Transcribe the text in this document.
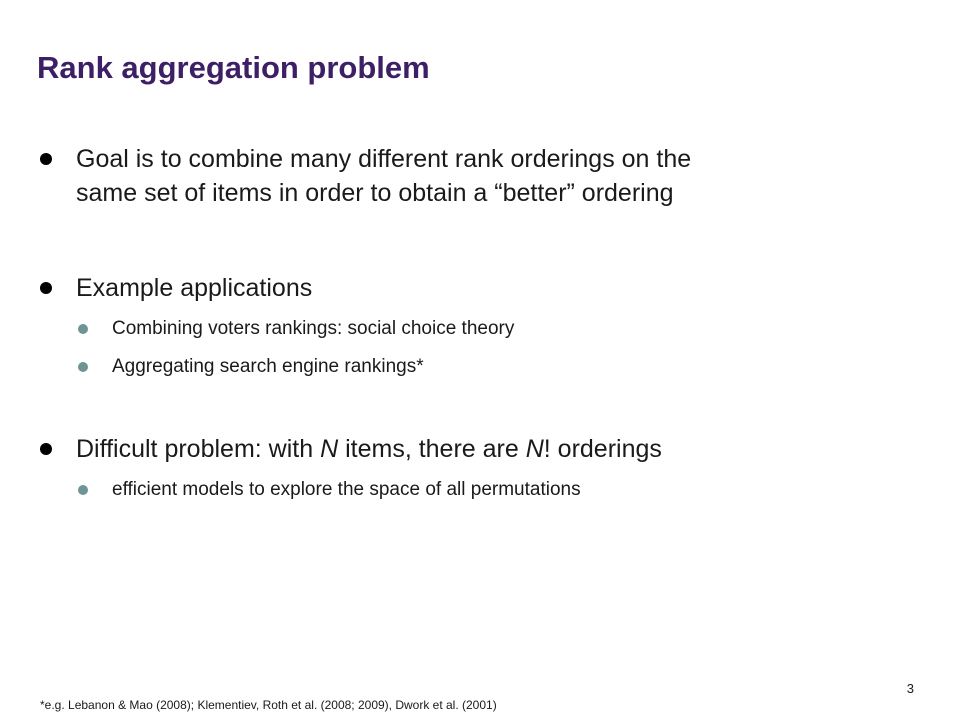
Rank aggregation problem
Goal is to combine many different rank orderings on the
same set of items in order to obtain a “better” ordering
Example applications
Combining voters rankings: social choice theory
Aggregating search engine rankings*
Difficult problem: with N items, there are N! orderings
efficient models to explore the space of all permutations
3
*e.g. Lebanon & Mao (2008); Klementiev, Roth et al. (2008; 2009), Dwork et al. (2001)
